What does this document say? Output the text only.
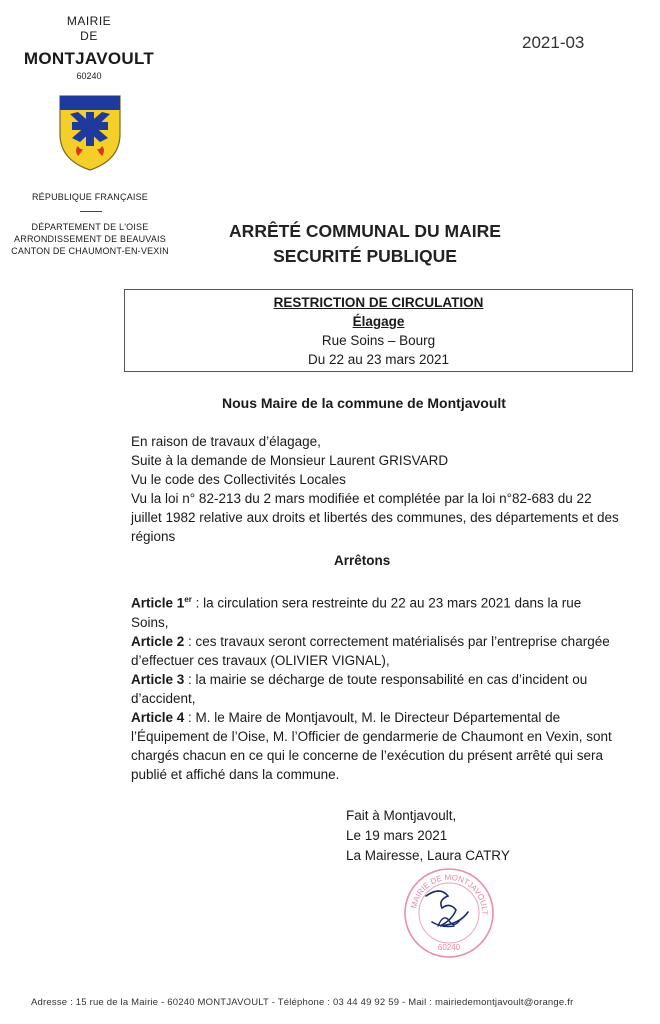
MAIRIE
DE
MONTJAVOULT
60240
2021-03
RÉPUBLIQUE FRANÇAISE
DÉPARTEMENT DE L'OISE
ARRONDISSEMENT DE BEAUVAIS
CANTON DE CHAUMONT-EN-VEXIN
ARRÊTÉ COMMUNAL DU MAIRE
SECURITÉ PUBLIQUE
RESTRICTION DE CIRCULATION
Élagage
Rue Soins – Bourg
Du 22 au 23 mars 2021
Nous Maire de la commune de Montjavoult

En raison de travaux d’élagage,

Suite à la demande de Monsieur Laurent GRISVARD

Vu le code des Collectivités Locales

Vu la loi n° 82-213 du 2 mars modifiée et complétée par la loi n°82-683 du 22 juillet 1982 relative aux droits et libertés des communes, des départements et des régions

Arrêtons

Article 1er : la circulation sera restreinte du 22 au 23 mars 2021 dans la rue Soins,

Article 2 : ces travaux seront correctement matérialisés par l’entreprise chargée d’effectuer ces travaux (OLIVIER VIGNAL),

Article 3 : la mairie se décharge de toute responsabilité en cas d’incident ou d’accident,

Article 4 : M. le Maire de Montjavoult, M. le Directeur Départemental de l’Équipement de l’Oise, M. l’Officier de gendarmerie de Chaumont en Vexin, sont chargés chacun en ce qui le concerne de l’exécution du présent arrêté qui sera publié et affiché dans la commune.

Fait à Montjavoult,
Le 19 mars 2021
La Mairesse, Laura CATRY
MAIRIE DE MONTJAVOULT
60240
Adresse : 15 rue de la Mairie - 60240 MONTJAVOULT - Téléphone : 03 44 49 92 59 - Mail : mairiedemontjavoult@orange.fr
